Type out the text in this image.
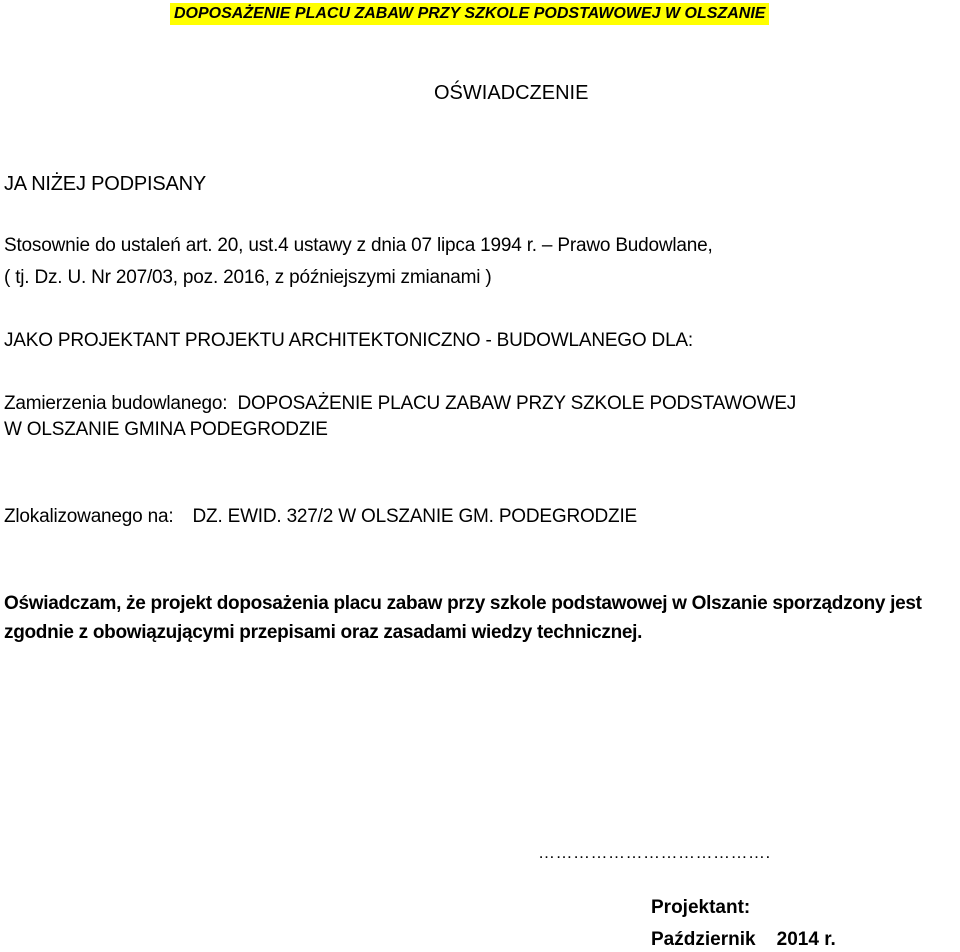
DOPOSAŻENIE PLACU ZABAW PRZY SZKOLE PODSTAWOWEJ W OLSZANIE
OŚWIADCZENIE
JA NIŻEJ PODPISANY
Stosownie do ustaleń art. 20, ust.4 ustawy z dnia 07 lipca 1994 r. – Prawo Budowlane,
( tj. Dz. U. Nr 207/03, poz. 2016, z późniejszymi zmianami )
JAKO PROJEKTANT PROJEKTU ARCHITEKTONICZNO - BUDOWLANEGO DLA:
Zamierzenia budowlanego: DOPOSAŻENIE PLACU ZABAW PRZY SZKOLE PODSTAWOWEJ
W OLSZANIE GMINA PODEGRODZIE
Zlokalizowanego na: DZ. EWID. 327/2 W OLSZANIE GM. PODEGRODZIE
Oświadczam, że projekt doposażenia placu zabaw przy szkole podstawowej w Olszanie sporządzony jest
zgodnie z obowiązującymi przepisami oraz zasadami wiedzy technicznej.
………………………………….
Projektant:
Październik    2014 r.
